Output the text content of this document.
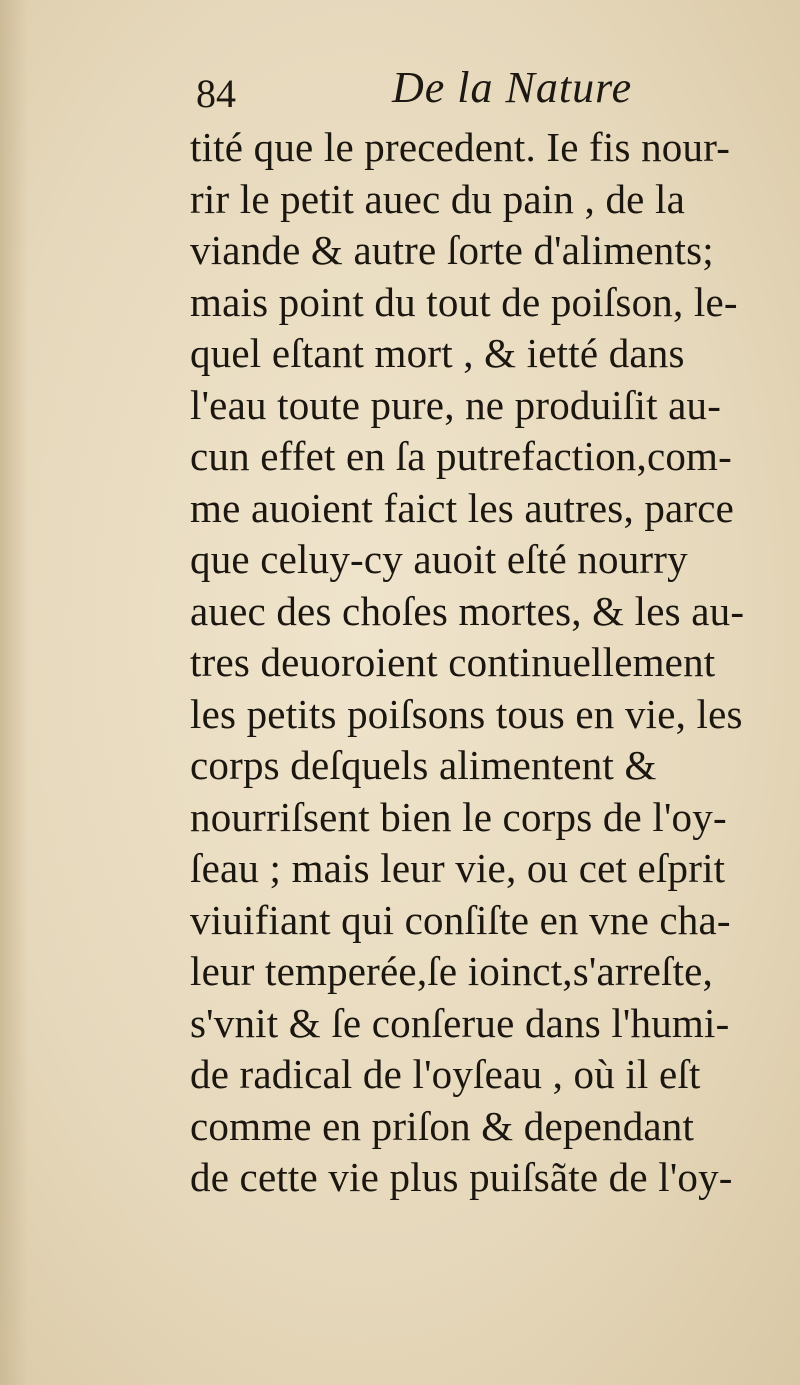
84	De la Nature
tité que le precedent. Ie fis nour-
rir le petit auec du pain , de la
viande & autre ſorte d'aliments;
mais point du tout de poiſson, le-
quel eſtant mort , & ietté dans
l'eau toute pure, ne produiſit au-
cun effet en ſa putrefaction,com-
me auoient faict les autres, parce
que celuy-cy auoit eſté nourry
auec des choſes mortes, & les au-
tres deuoroient continuellement
les petits poiſsons tous en vie, les
corps deſquels alimentent &
nourriſsent bien le corps de l'oy-
ſeau ; mais leur vie, ou cet eſprit
viuifiant qui conſiſte en vne cha-
leur temperée,ſe ioinct,s'arreſte,
s'vnit & ſe conſerue dans l'humi-
de radical de l'oyſeau , où il eſt
comme en priſon & dependant
de cette vie plus puiſsãte de l'oy-
